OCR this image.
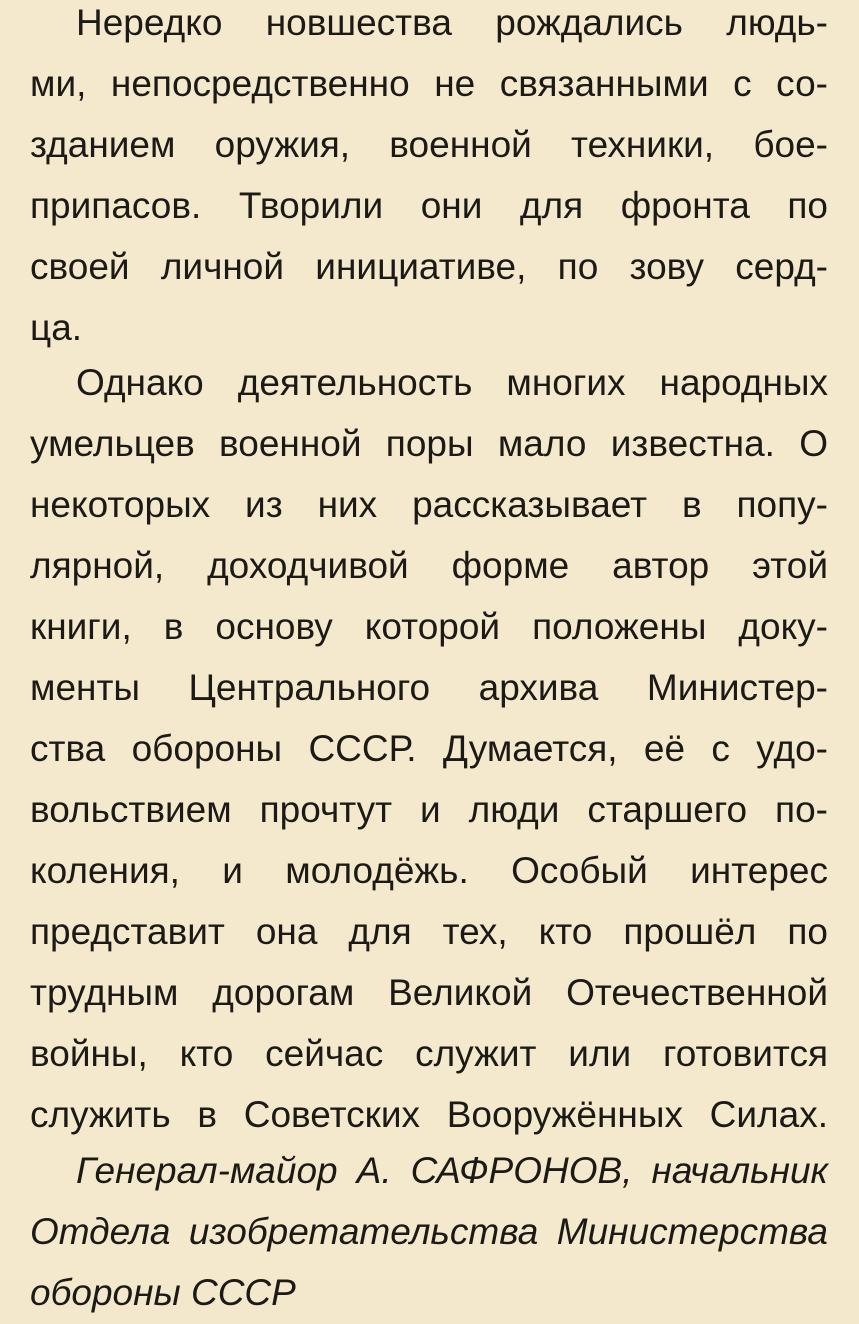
Нередко новшества рождались людь-
ми, непосредственно не связанными с со-
зданием оружия, военной техники, бое-
припасов. Творили они для фронта по
своей личной инициативе, по зову серд-
ца.
Однако деятельность многих народных
умельцев военной поры мало известна. О
некоторых из них рассказывает в попу-
лярной, доходчивой форме автор этой
книги, в основу которой положены доку-
менты Центрального архива Министер-
ства обороны СССР. Думается, её с удо-
вольствием прочтут и люди старшего по-
коления, и молодёжь. Особый интерес
представит она для тех, кто прошёл по
трудным дорогам Великой Отечественной
войны, кто сейчас служит или готовится
служить в Советских Вооружённых Силах.
Генерал-майор А. САФРОНОВ, начальник
Отдела изобретательства Министерства
обороны СССР
